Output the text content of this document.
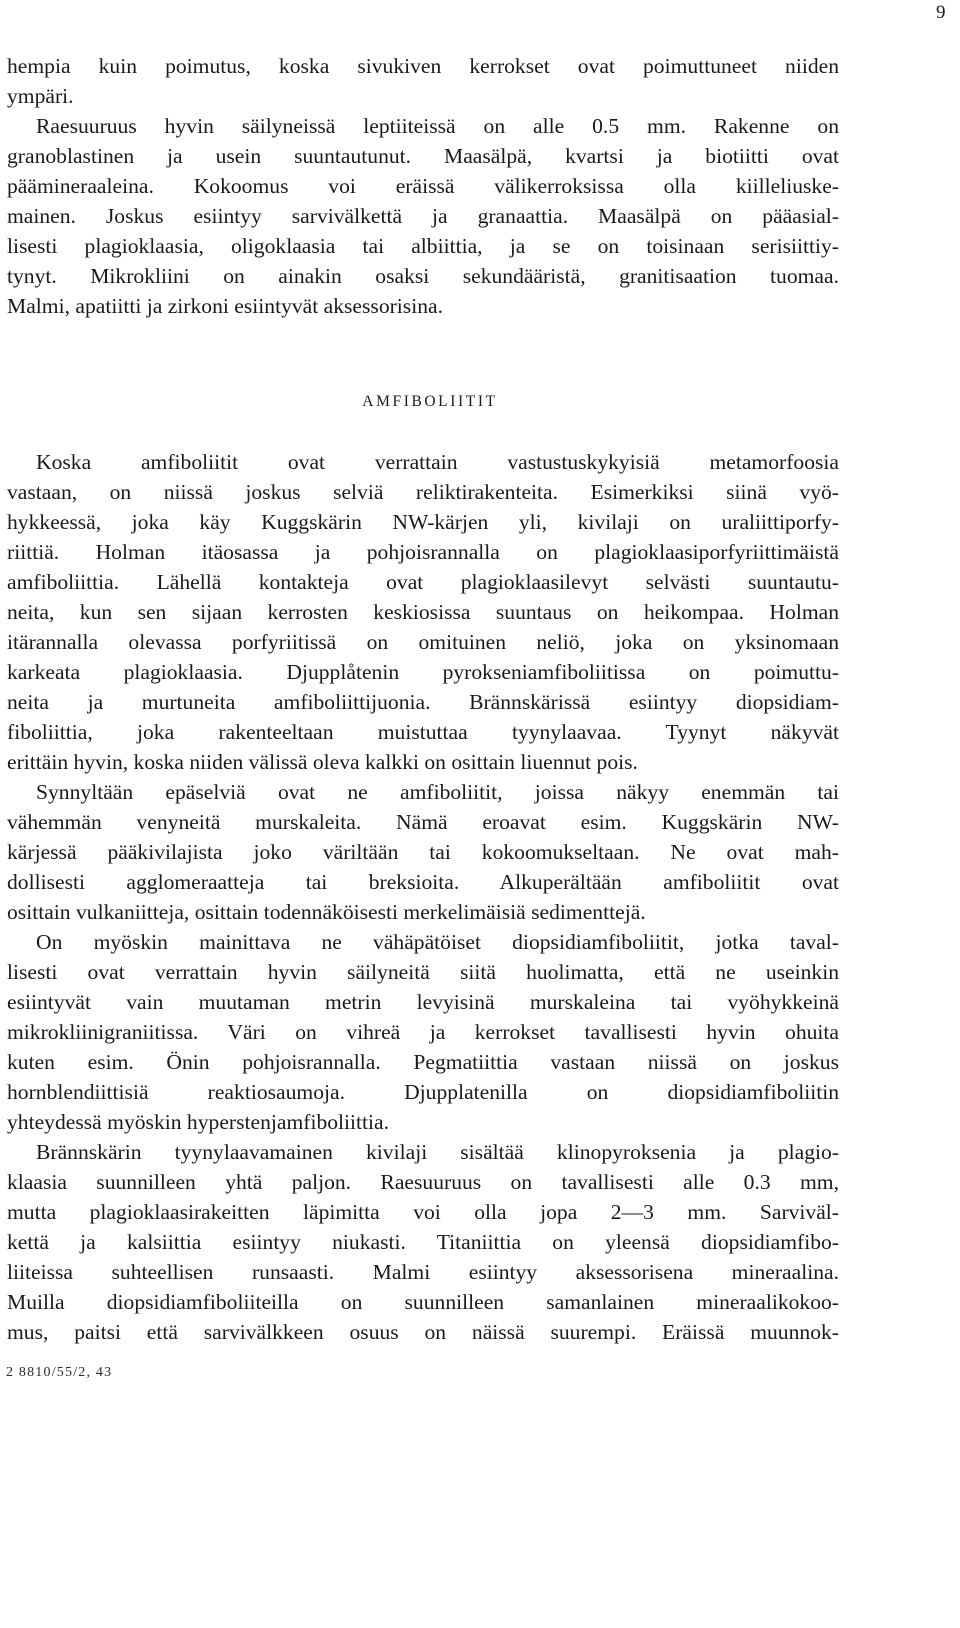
9
hempia kuin poimutus, koska sivukiven kerrokset ovat poimuttuneet niiden
ympäri.
Raesuuruus hyvin säilyneissä leptiiteissä on alle 0.5 mm. Rakenne on
granoblastinen ja usein suuntautunut. Maasälpä, kvartsi ja biotiitti ovat
päämineraaleina. Kokoomus voi eräissä välikerroksissa olla kiilleliuske-
mainen. Joskus esiintyy sarvivälkettä ja granaattia. Maasälpä on pääasial-
lisesti plagioklaasia, oligoklaasia tai albiittia, ja se on toisinaan serisiittiy-
tynyt. Mikrokliini on ainakin osaksi sekundääristä, granitisaation tuomaa.
Malmi, apatiitti ja zirkoni esiintyvät aksessorisina.
AMFIBOLIITIT
Koska amfiboliitit ovat verrattain vastustuskykyisiä metamorfoosia
vastaan, on niissä joskus selviä reliktirakenteita. Esimerkiksi siinä vyö-
hykkeessä, joka käy Kuggskärin NW-kärjen yli, kivilaji on uraliittiporfy-
riittiä. Holman itäosassa ja pohjoisrannalla on plagioklaasiporfyriittimäistä
amfiboliittia. Lähellä kontakteja ovat plagioklaasilevyt selvästi suuntautu-
neita, kun sen sijaan kerrosten keskiosissa suuntaus on heikompaa. Holman
itärannalla olevassa porfyriitissä on omituinen neliö, joka on yksinomaan
karkeata plagioklaasia. Djupplåtenin pyrokseniamfiboliitissa on poimuttu-
neita ja murtuneita amfiboliittijuonia. Brännskärissä esiintyy diopsidiam-
fiboliittia, joka rakenteeltaan muistuttaa tyynylaavaa. Tyynyt näkyvät
erittäin hyvin, koska niiden välissä oleva kalkki on osittain liuennut pois.
Synnyltään epäselviä ovat ne amfiboliitit, joissa näkyy enemmän tai
vähemmän venyneitä murskaleita. Nämä eroavat esim. Kuggskärin NW-
kärjessä pääkivilajista joko väriltään tai kokoomukseltaan. Ne ovat mah-
dollisesti agglomeraatteja tai breksioita. Alkuperältään amfiboliitit ovat
osittain vulkaniitteja, osittain todennäköisesti merkelimäisiä sedimenttejä.
On myöskin mainittava ne vähäpätöiset diopsidiamfiboliitit, jotka taval-
lisesti ovat verrattain hyvin säilyneitä siitä huolimatta, että ne useinkin
esiintyvät vain muutaman metrin levyisinä murskaleina tai vyöhykkeinä
mikrokliinigraniitissa. Väri on vihreä ja kerrokset tavallisesti hyvin ohuita
kuten esim. Önin pohjoisrannalla. Pegmatiittia vastaan niissä on joskus
hornblendiittisiä reaktiosaumoja. Djupplatenilla on diopsidiamfiboliitin
yhteydessä myöskin hyperstenjamfiboliittia.
Brännskärin tyynylaavamainen kivilaji sisältää klinopyroksenia ja plagio-
klaasia suunnilleen yhtä paljon. Raesuuruus on tavallisesti alle 0.3 mm,
mutta plagioklaasirakeitten läpimitta voi olla jopa 2—3 mm. Sarviväl-
kettä ja kalsiittia esiintyy niukasti. Titaniittia on yleensä diopsidiamfibo-
liiteissa suhteellisen runsaasti. Malmi esiintyy aksessorisena mineraalina.
Muilla diopsidiamfiboliiteilla on suunnilleen samanlainen mineraalikokoo-
mus, paitsi että sarvivälkkeen osuus on näissä suurempi. Eräissä muunnok-
2 8810/55/2, 43
